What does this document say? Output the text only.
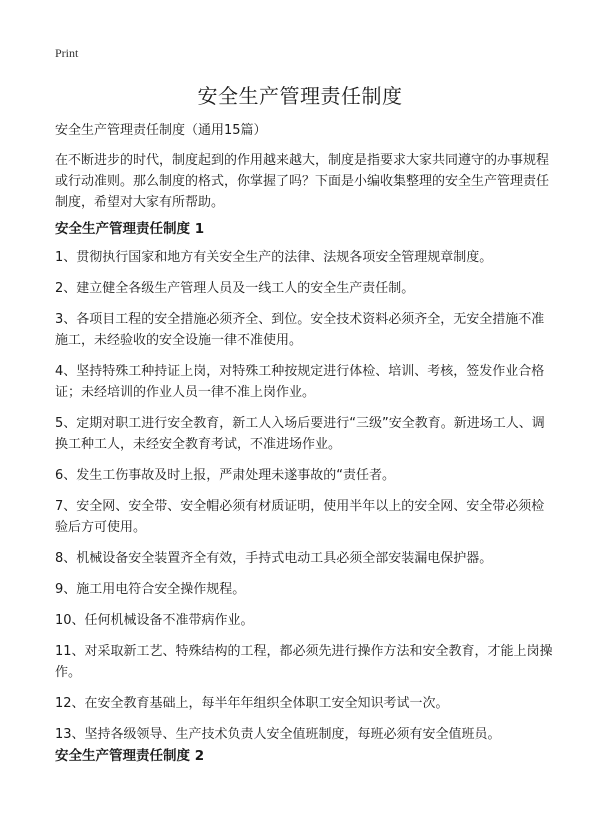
Print
安全生产管理责任制度

安全生产管理责任制度（通用15篇）

在不断进步的时代，制度起到的作用越来越大，制度是指要求大家共同遵守的办事规程或行动准则。那么制度的格式，你掌握了吗？下面是小编收集整理的安全生产管理责任制度，希望对大家有所帮助。

安全生产管理责任制度 1
1、贯彻执行国家和地方有关安全生产的法律、法规各项安全管理规章制度。
2、建立健全各级生产管理人员及一线工人的安全生产责任制。
3、各项目工程的安全措施必须齐全、到位。安全技术资料必须齐全，无安全措施不准施工，未经验收的安全设施一律不准使用。
4、坚持特殊工种持证上岗，对特殊工种按规定进行体检、培训、考核，签发作业合格证；未经培训的作业人员一律不准上岗作业。
5、定期对职工进行安全教育，新工人入场后要进行“三级”安全教育。新进场工人、调换工种工人，未经安全教育考试，不准进场作业。
6、发生工伤事故及时上报，严肃处理未遂事故的“责任者。
7、安全网、安全带、安全帽必须有材质证明，使用半年以上的安全网、安全带必须检验后方可使用。
8、机械设备安全装置齐全有效，手持式电动工具必须全部安装漏电保护器。
9、施工用电符合安全操作规程。
10、任何机械设备不准带病作业。
11、对采取新工艺、特殊结构的工程，都必须先进行操作方法和安全教育，才能上岗操作。
12、在安全教育基础上，每半年年组织全体职工安全知识考试一次。
13、坚持各级领导、生产技术负责人安全值班制度，每班必须有安全值班员。
安全生产管理责任制度 2
